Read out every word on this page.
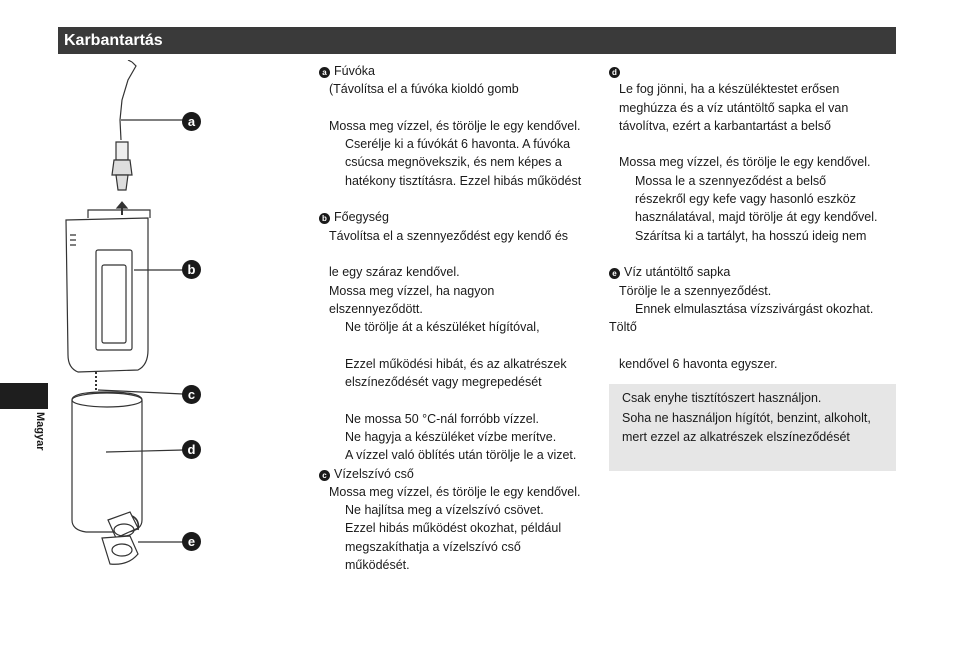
Karbantartás
Magyar
a
b
c
d
e
a Fúvóka
(Távolítsa el a fúvóka kioldó gomb
Mossa meg vízzel, és törölje le egy kendővel.
Cserélje ki a fúvókát 6 havonta. A fúvóka
csúcsa megnövekszik, és nem képes a
hatékony tisztításra. Ezzel hibás működést
b Főegység
Távolítsa el a szennyeződést egy kendő és
le egy száraz kendővel.
Mossa meg vízzel, ha nagyon
elszennyeződött.
Ne törölje át a készüléket hígítóval,
Ezzel működési hibát, és az alkatrészek
elszíneződését vagy megrepedését
Ne mossa 50 °C-nál forróbb vízzel.
Ne hagyja a készüléket vízbe merítve.
A vízzel való öblítés után törölje le a vizet.
c Vízelszívó cső
Mossa meg vízzel, és törölje le egy kendővel.
Ne hajlítsa meg a vízelszívó csövet.
Ezzel hibás működést okozhat, például
megszakíthatja a vízelszívó cső
működését.
d
Le fog jönni, ha a készüléktestet erősen
meghúzza és a víz utántöltő sapka el van
távolítva, ezért a karbantartást a belső
Mossa meg vízzel, és törölje le egy kendővel.
Mossa le a szennyeződést a belső
részekről egy kefe vagy hasonló eszköz
használatával, majd törölje át egy kendővel.
Szárítsa ki a tartályt, ha hosszú ideig nem
e Víz utántöltő sapka
Törölje le a szennyeződést.
Ennek elmulasztása vízszivárgást okozhat.
Töltő
kendővel 6 havonta egyszer.
Csak enyhe tisztítószert használjon.
Soha ne használjon hígítót, benzint, alkoholt,
mert ezzel az alkatrészek elszíneződését
